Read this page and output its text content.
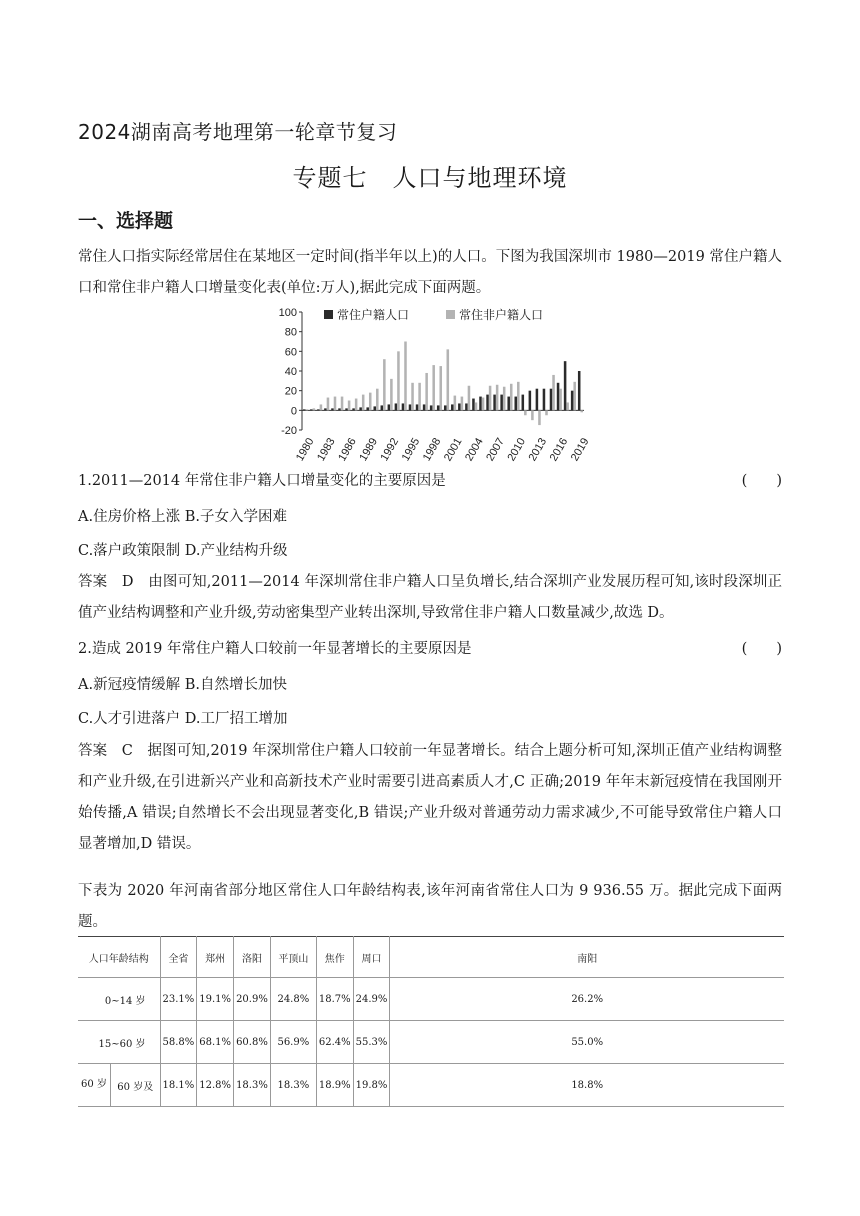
2024湖南高考地理第一轮章节复习
专题七　人口与地理环境
一、选择题
常住人口指实际经常居住在某地区一定时间(指半年以上)的人口。下图为我国深圳市 1980—2019 常住户籍人口和常住非户籍人口增量变化表(单位:万人),据此完成下面两题。
-20
0
20
40
60
80
100
1980
1983
1986
1989
1992
1995
1998
2001
2004
2007
2010
2013
2016
2019
常住户籍人口	常住非户籍人口
1.2011—2014 年常住非户籍人口增量变化的主要原因是	(　　)
A.住房价格上涨 B.子女入学困难
C.落户政策限制 D.产业结构升级
答案　D　由图可知,2011—2014 年深圳常住非户籍人口呈负增长,结合深圳产业发展历程可知,该时段深圳正值产业结构调整和产业升级,劳动密集型产业转出深圳,导致常住非户籍人口数量减少,故选 D。
2.造成 2019 年常住户籍人口较前一年显著增长的主要原因是	(　　)
A.新冠疫情缓解 B.自然增长加快
C.人才引进落户 D.工厂招工增加
答案　C　据图可知,2019 年深圳常住户籍人口较前一年显著增长。结合上题分析可知,深圳正值产业结构调整和产业升级,在引进新兴产业和高新技术产业时需要引进高素质人才,C 正确;2019 年年末新冠疫情在我国刚开始传播,A 错误;自然增长不会出现显著变化,B 错误;产业升级对普通劳动力需求减少,不可能导致常住户籍人口显著增加,D 错误。
下表为 2020 年河南省部分地区常住人口年龄结构表,该年河南省常住人口为 9 936.55 万。据此完成下面两题。
人口年龄结构	全省	郑州	洛阳	平顶山	焦作	周口	南阳
0~14 岁	23.1%	19.1%	20.9%	24.8%	18.7%	24.9%	26.2%
15~60 岁	58.8%	68.1%	60.8%	56.9%	62.4%	55.3%	55.0%

60 岁 60 岁及	18.1%	12.8%	18.3%	18.3%	18.9%	19.8%	18.8%
